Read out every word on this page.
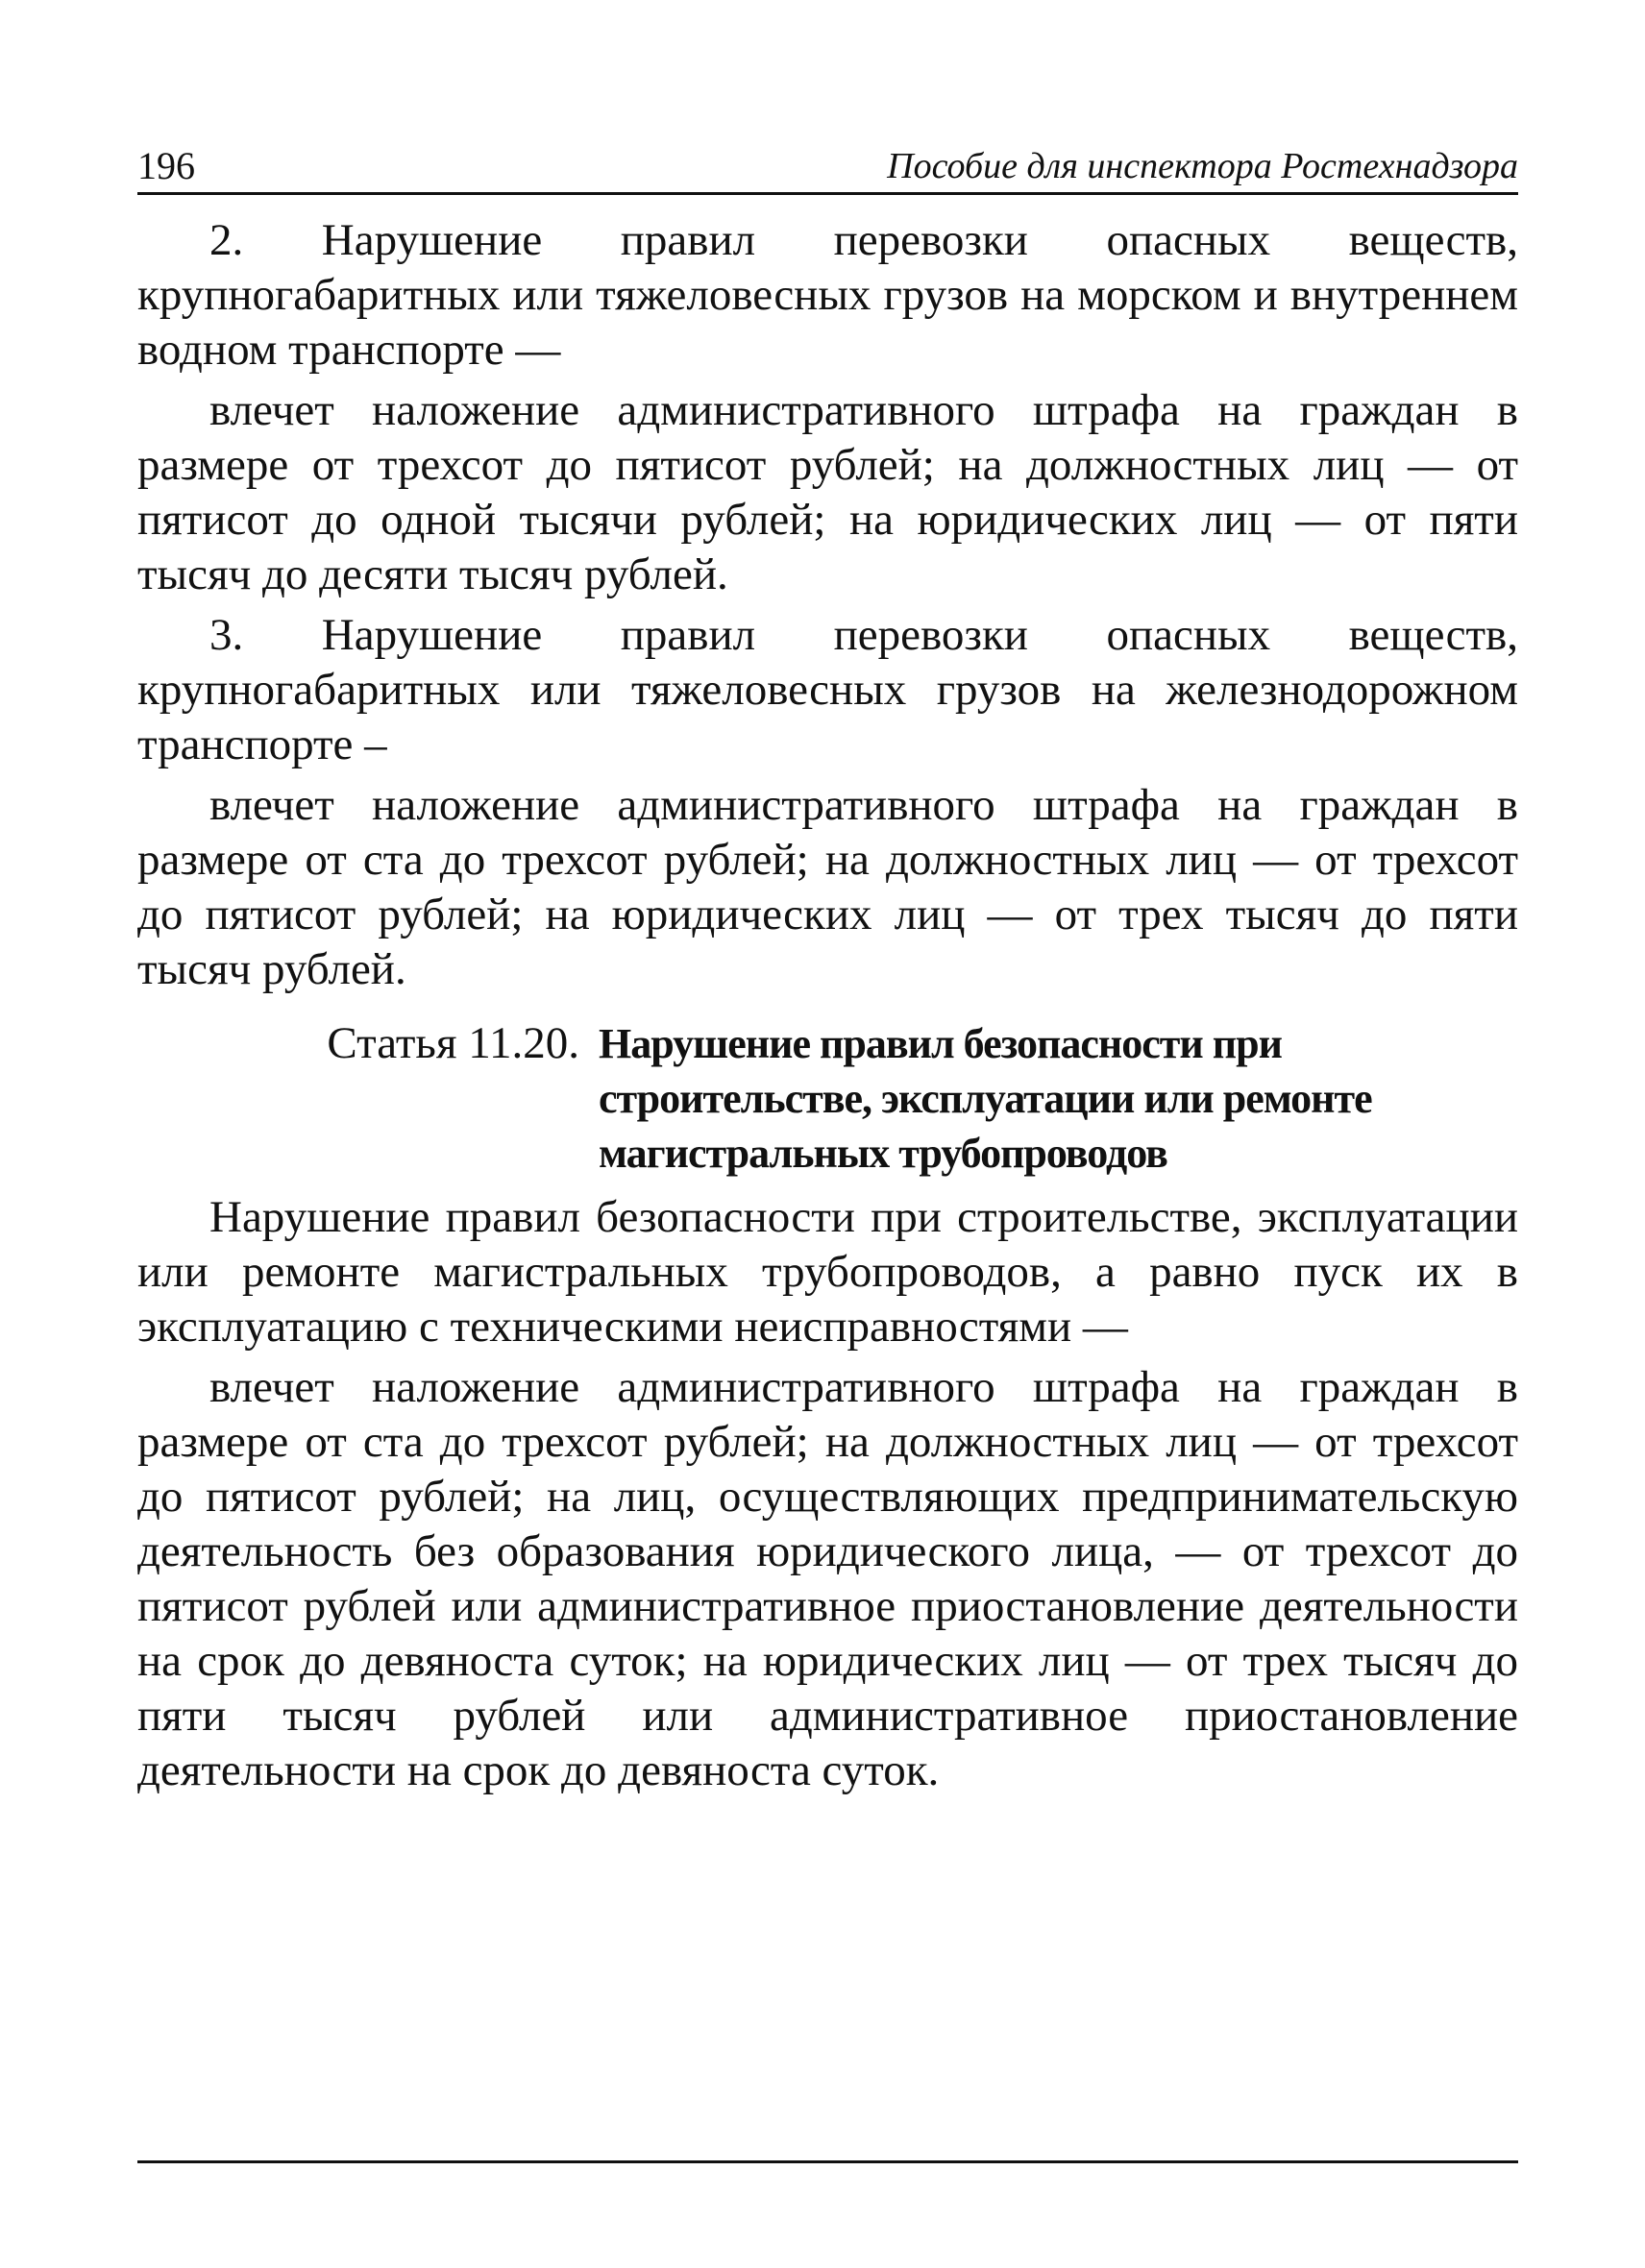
196	Пособие для инспектора Ростехнадзора

2. Нарушение правил перевозки опасных веществ, крупногабаритных или тяжеловесных грузов на морском и внутреннем водном транспорте —

влечет наложение административного штрафа на граждан в размере от трехсот до пятисот рублей; на должностных лиц — от пятисот до одной тысячи рублей; на юридических лиц — от пяти тысяч до десяти тысяч рублей.

3. Нарушение правил перевозки опасных веществ, крупногабаритных или тяжеловесных грузов на железнодорожном транспорте –

влечет наложение административного штрафа на граждан в размере от ста до трехсот рублей; на должностных лиц — от трехсот до пятисот рублей; на юридических лиц — от трех тысяч до пяти тысяч рублей.

Статья 11.20. Нарушение правил безопасности при строительстве, эксплуатации или ремонте магистральных трубопроводов

Нарушение правил безопасности при строительстве, эксплуатации или ремонте магистральных трубопроводов, а равно пуск их в эксплуатацию с техническими неисправностями —

влечет наложение административного штрафа на граждан в размере от ста до трехсот рублей; на должностных лиц — от трехсот до пятисот рублей; на лиц, осуществляющих предпринимательскую деятельность без образования юридического лица, — от трехсот до пятисот рублей или административное приостановление деятельности на срок до девяноста суток; на юридических лиц — от трех тысяч до пяти тысяч рублей или административное приостановление деятельности на срок до девяноста суток.
